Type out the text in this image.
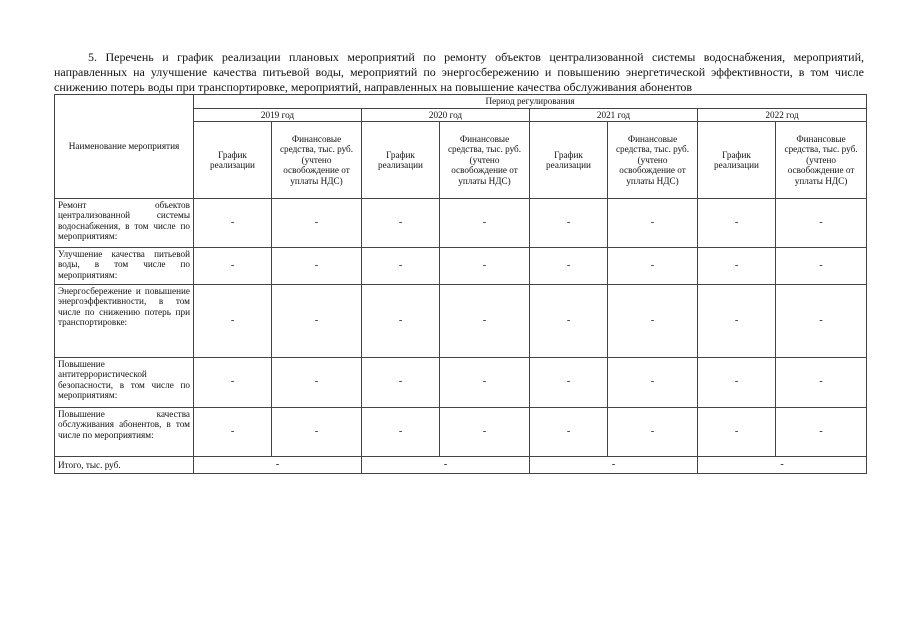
5. Перечень и график реализации плановых мероприятий по ремонту объектов централизованной системы водоснабжения, мероприятий, направленных на улучшение качества питьевой воды, мероприятий по энергосбережению и повышению энергетической эффективности, в том числе снижению потерь воды при транспортировке, мероприятий, направленных на повышение качества обслуживания абонентов

Наименование мероприятия	Период регулирования							
	2019 год		2020 год		2021 год		2022 год	
	График реализации	Финансовые средства, тыс. руб. (учтено освобождение от уплаты НДС)	График реализации	Финансовые средства, тыс. руб. (учтено освобождение от уплаты НДС)	График реализации	Финансовые средства, тыс. руб. (учтено освобождение от уплаты НДС)	График реализации	Финансовые средства, тыс. руб. (учтено освобождение от уплаты НДС)
Ремонт объектов централизованной системы водоснабжения, в том числе по мероприятиям:	-	-	-	-	-	-	-	-
Улучшение качества питьевой воды, в том числе по мероприятиям:	-	-	-	-	-	-	-	-
Энергосбережение и повышение энергоэффективности, в том числе по снижению потерь при транспортировке:	-	-	-	-	-	-	-	-
Повышение антитеррористической безопасности, в том числе по мероприятиям:	-	-	-	-	-	-	-	-
Повышение качества обслуживания абонентов, в том числе по мероприятиям:	-	-	-	-	-	-	-	-
Итого, тыс. руб.	-		-		-		-	
